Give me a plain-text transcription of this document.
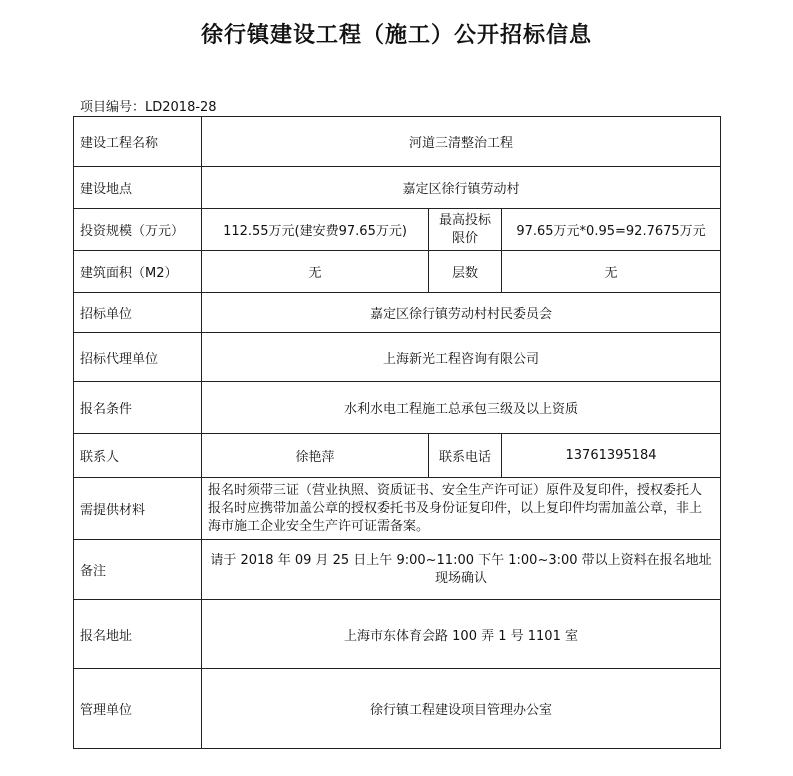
徐行镇建设工程（施工）公开招标信息
项目编号：LD2018-28
建设工程名称	河道三清整治工程		
建设地点	嘉定区徐行镇劳动村		
投资规模（万元）	112.55万元(建安费97.65万元)	最高投标限价	97.65万元*0.95=92.7675万元
建筑面积（M2）	无	层数	无
招标单位	嘉定区徐行镇劳动村村民委员会		
招标代理单位	上海新光工程咨询有限公司		
报名条件	水利水电工程施工总承包三级及以上资质		
联系人	徐艳萍	联系电话	13761395184
需提供材料	报名时须带三证（营业执照、资质证书、安全生产许可证）原件及复印件，授权委托人报名时应携带加盖公章的授权委托书及身份证复印件，以上复印件均需加盖公章，非上海市施工企业安全生产许可证需备案。		
备注	请于 2018 年 09 月 25 日上午 9:00~11:00 下午 1:00~3:00 带以上资料在报名地址现场确认		
报名地址	上海市东体育会路 100 弄 1 号 1101 室		
管理单位	徐行镇工程建设项目管理办公室		
